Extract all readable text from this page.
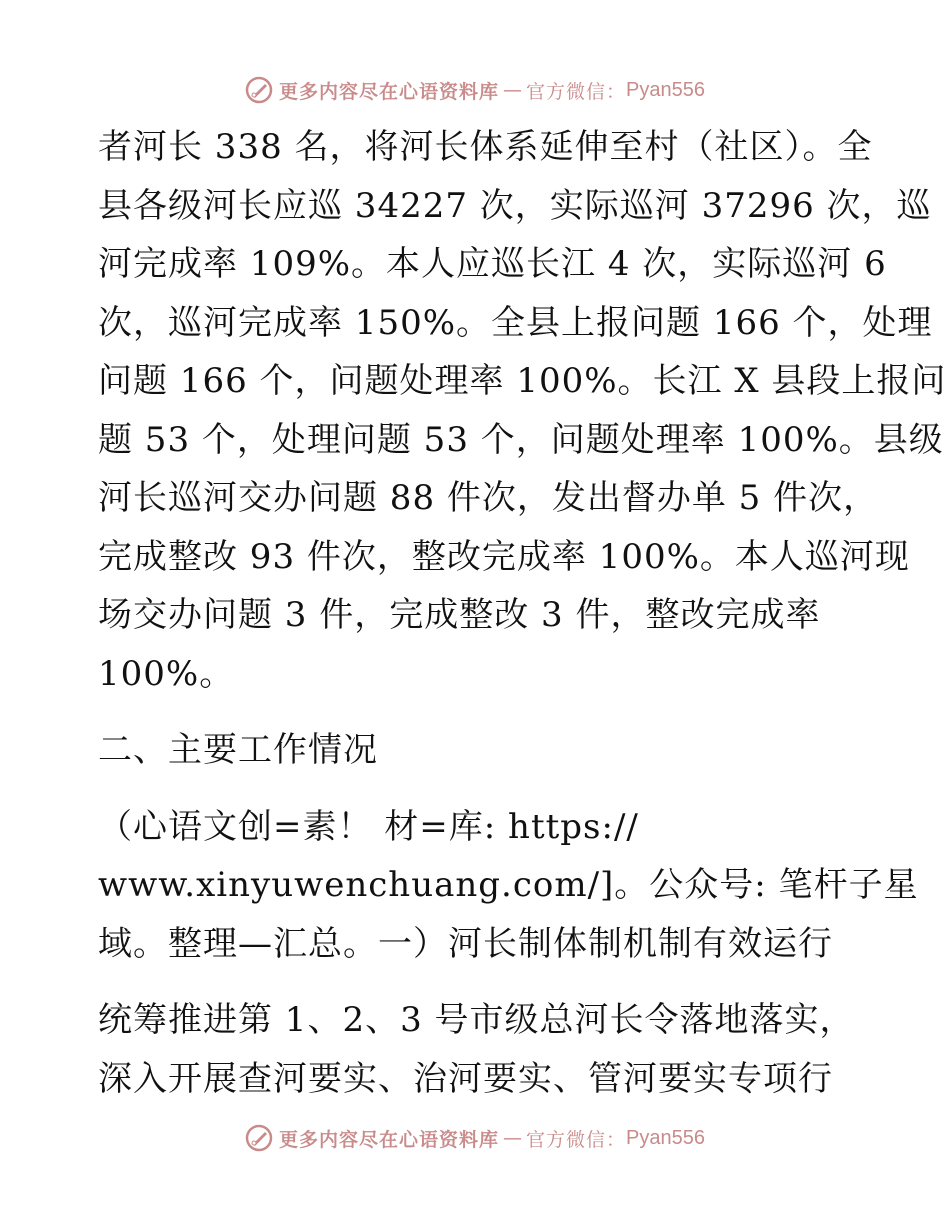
更多内容尽在心语资料库 — 官方微信： Pyan556
者河长 338 名，将河长体系延伸至村（社区）。全
县各级河长应巡 34227 次，实际巡河 37296 次，巡
河完成率 109%。本人应巡长江 4 次，实际巡河 6
次，巡河完成率 150%。全县上报问题 166 个，处理
问题 166 个，问题处理率 100%。长江 X 县段上报问
题 53 个，处理问题 53 个，问题处理率 100%。县级
河长巡河交办问题 88 件次，发出督办单 5 件次，
完成整改 93 件次，整改完成率 100%。本人巡河现
场交办问题 3 件，完成整改 3 件，整改完成率
100%。
二、主要工作情况
（心语文创=素！ 材=库: https://
www.xinyuwenchuang.com/]。公众号: 笔杆子星
域。整理—汇总。一）河长制体制机制有效运行
统筹推进第 1、2、3 号市级总河长令落地落实，
深入开展查河要实、治河要实、管河要实专项行
更多内容尽在心语资料库 — 官方微信： Pyan556
